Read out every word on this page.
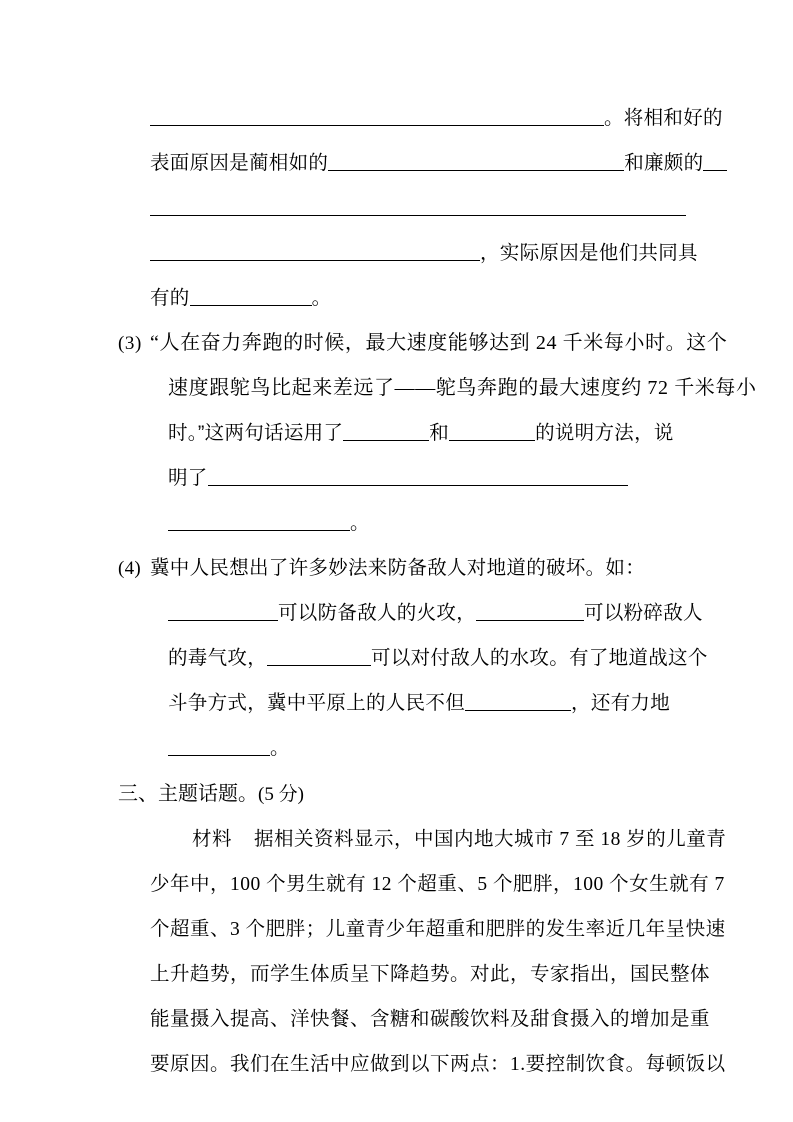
。将相和好的
表面原因是蔺相如的	和廉颇的
，实际原因是他们共同具
有的	。
(3) “人在奋力奔跑的时候，最大速度能够达到 24 千米每小时。这个
速度跟鸵鸟比起来差远了——鸵鸟奔跑的最大速度约 72 千米每小
时。”这两句话运用了	和	的说明方法，说
明了
。
(4) 冀中人民想出了许多妙法来防备敌人对地道的破坏。如：
可以防备敌人的火攻，	可以粉碎敌人
的毒气攻，	可以对付敌人的水攻。有了地道战这个
斗争方式，冀中平原上的人民不但	，还有力地
。
三、主题话题。(5 分)
材料 据相关资料显示，中国内地大城市 7 至 18 岁的儿童青
少年中，100 个男生就有 12 个超重、5 个肥胖，100 个女生就有 7
个超重、3 个肥胖；儿童青少年超重和肥胖的发生率近几年呈快速
上升趋势，而学生体质呈下降趋势。对此，专家指出，国民整体
能量摄入提高、洋快餐、含糖和碳酸饮料及甜食摄入的增加是重
要原因。我们在生活中应做到以下两点：1.要控制饮食。每顿饭以
